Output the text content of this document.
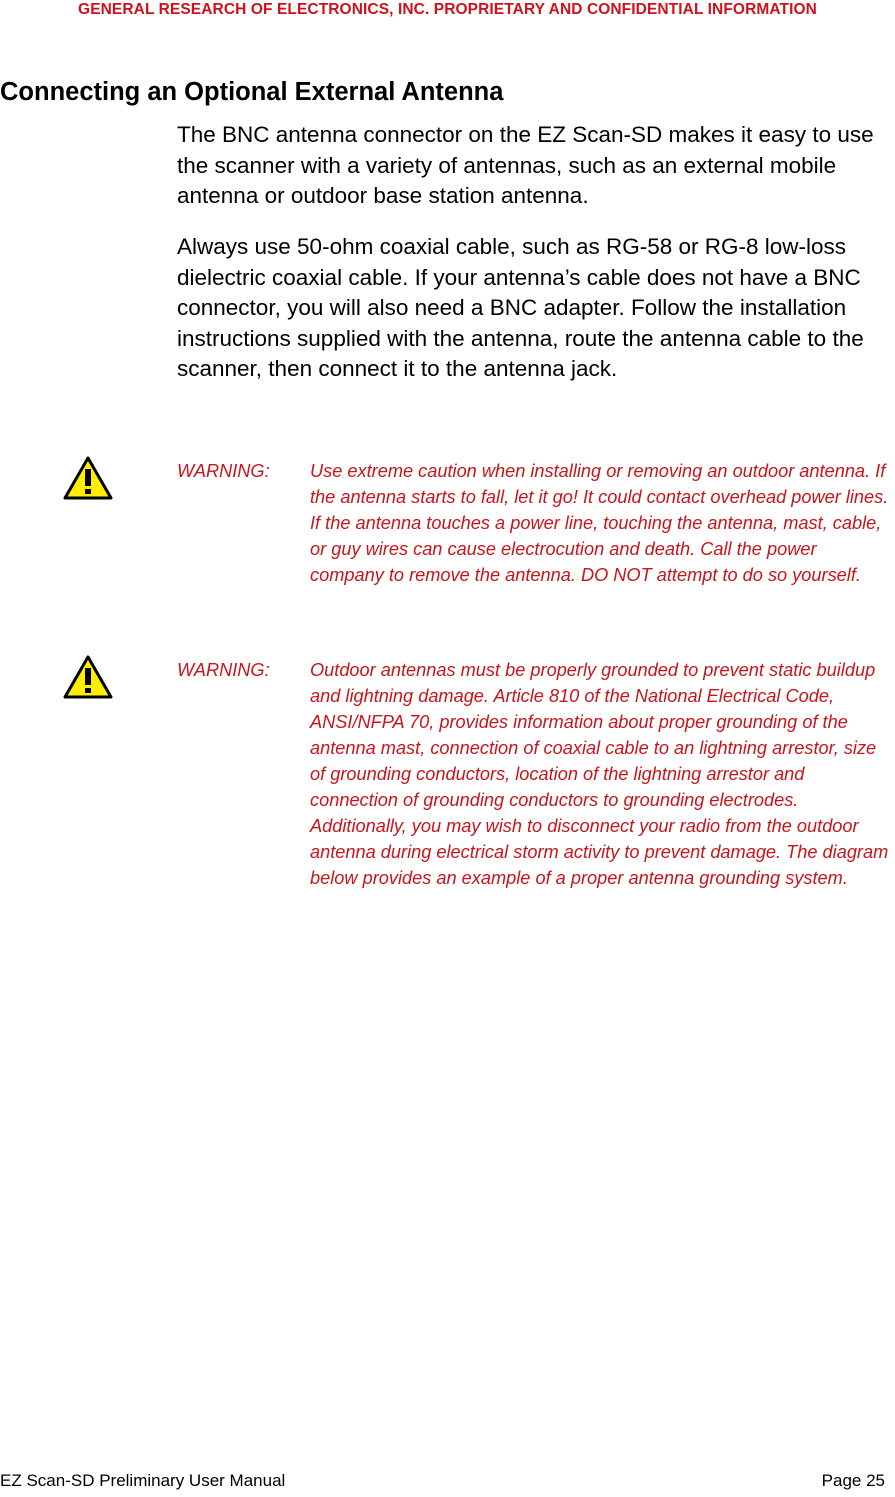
GENERAL RESEARCH OF ELECTRONICS, INC. PROPRIETARY AND CONFIDENTIAL INFORMATION
Connecting an Optional External Antenna

The BNC antenna connector on the EZ Scan-SD makes it easy to use the scanner with a variety of antennas, such as an external mobile antenna or outdoor base station antenna.

Always use 50-ohm coaxial cable, such as RG-58 or RG-8 low-loss dielectric coaxial cable. If your antenna’s cable does not have a BNC connector, you will also need a BNC adapter. Follow the installation instructions supplied with the antenna, route the antenna cable to the scanner, then connect it to the antenna jack.

WARNING: Use extreme caution when installing or removing an outdoor antenna. If the antenna starts to fall, let it go! It could contact overhead power lines. If the antenna touches a power line, touching the antenna, mast, cable, or guy wires can cause electrocution and death. Call the power company to remove the antenna. DO NOT attempt to do so yourself.

WARNING: Outdoor antennas must be properly grounded to prevent static buildup and lightning damage. Article 810 of the National Electrical Code, ANSI/NFPA 70, provides information about proper grounding of the antenna mast, connection of coaxial cable to an lightning arrestor, size of grounding conductors, location of the lightning arrestor and connection of grounding conductors to grounding electrodes. Additionally, you may wish to disconnect your radio from the outdoor antenna during electrical storm activity to prevent damage. The diagram below provides an example of a proper antenna grounding system.

EZ Scan-SD Preliminary User Manual	Page 25
